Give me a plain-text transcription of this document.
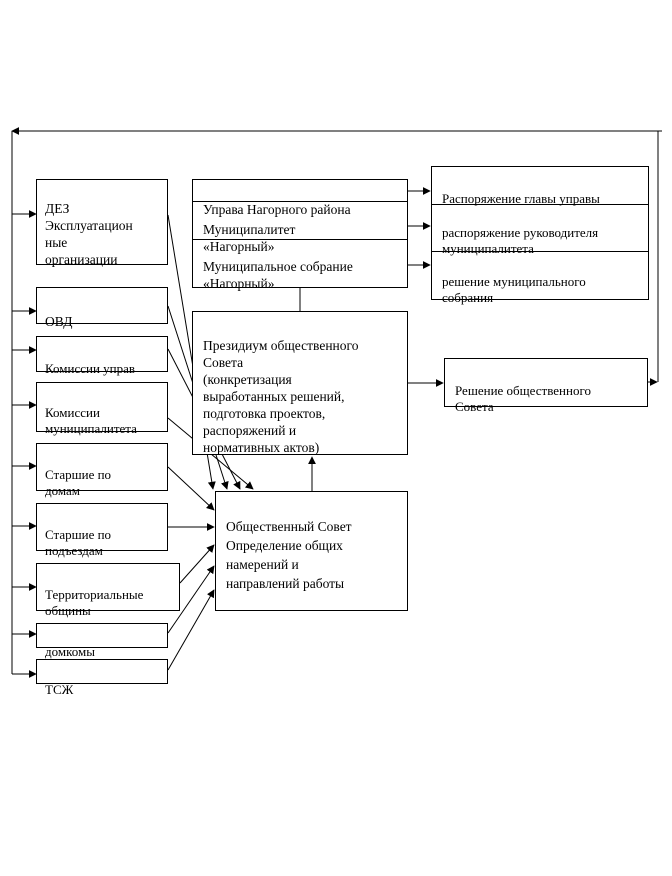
ДЕЗ
Эксплуатацион
ные
организации

ОВД

Комиссии управ

Комиссии
муниципалитета

Старшие по
домам

Старшие по
подъездам

Территориальные
общины

домкомы

ТСЖ

Управа Нагорного района

Муниципалитет
«Нагорный»

Муниципальное собрание
«Нагорный»

Распоряжение главы управы

распоряжение руководителя
муниципалитета

решение муниципального
собрания

Президиум общественного
Совета
(конкретизация
выработанных решений,
подготовка проектов,
распоряжений и
нормативных актов)

Решение общественного
Совета

Общественный Совет
Определение общих
намерений и
направлений работы
